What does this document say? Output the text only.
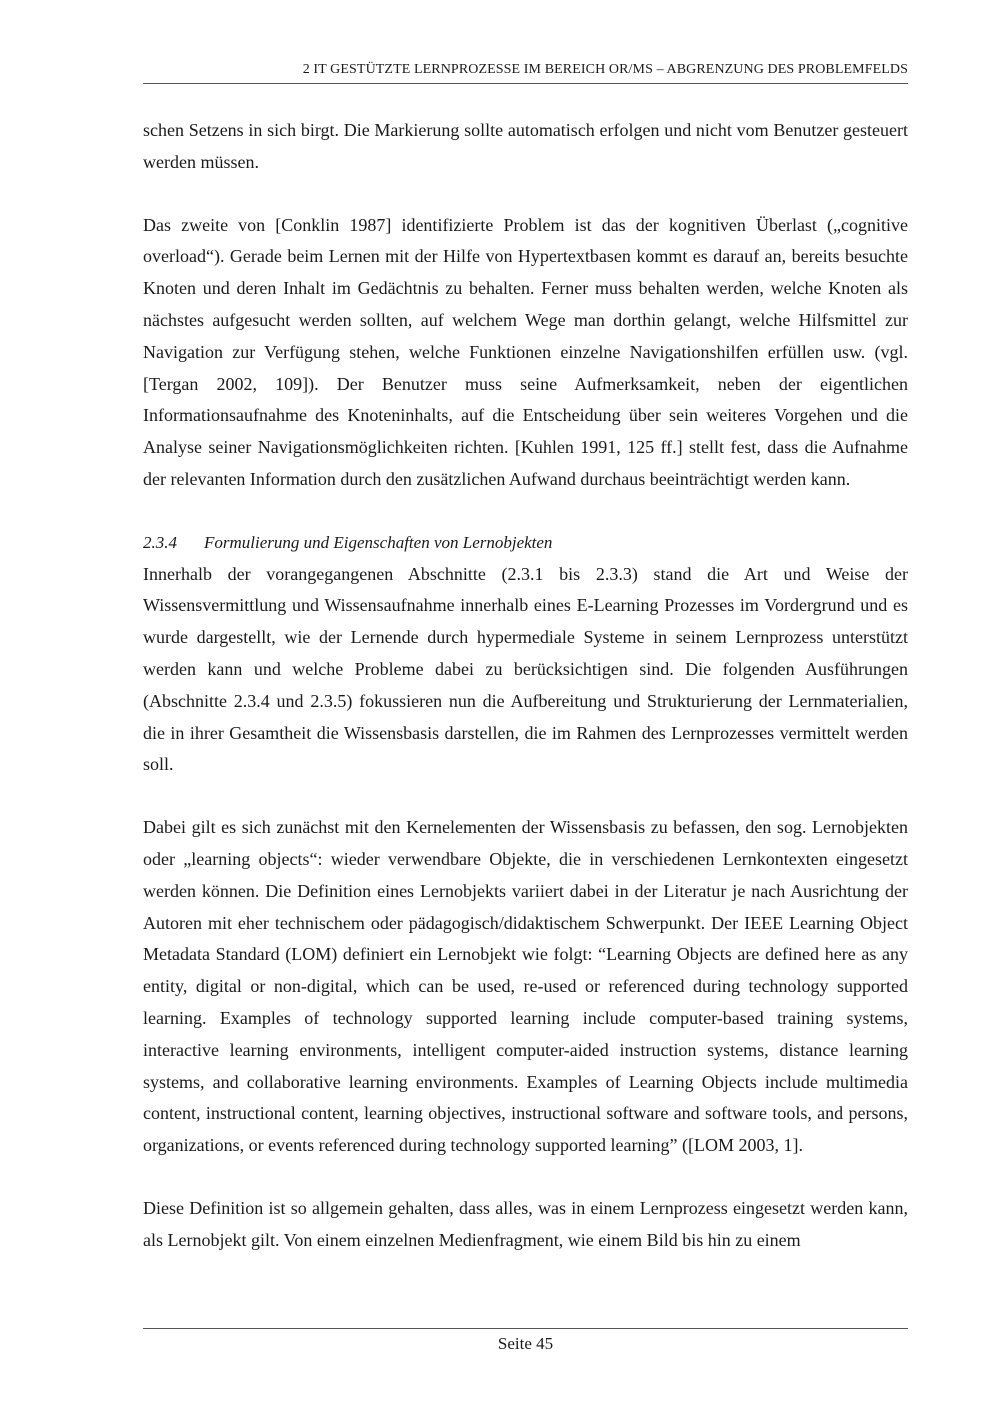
2 IT GESTÜTZTE LERNPROZESSE IM BEREICH OR/MS – ABGRENZUNG DES PROBLEMFELDS

schen Setzens in sich birgt. Die Markierung sollte automatisch erfolgen und nicht vom Benutzer gesteuert werden müssen.

Das zweite von [Conklin 1987] identifizierte Problem ist das der kognitiven Überlast („cognitive overload“). Gerade beim Lernen mit der Hilfe von Hypertextbasen kommt es darauf an, bereits besuchte Knoten und deren Inhalt im Gedächtnis zu behalten. Ferner muss behalten werden, welche Knoten als nächstes aufgesucht werden sollten, auf welchem Wege man dorthin gelangt, welche Hilfsmittel zur Navigation zur Verfügung stehen, welche Funktionen einzelne Navigationshilfen erfüllen usw. (vgl. [Tergan 2002, 109]). Der Benutzer muss seine Aufmerksamkeit, neben der eigentlichen Informationsaufnahme des Knoteninhalts, auf die Entscheidung über sein weiteres Vorgehen und die Analyse seiner Navigationsmöglichkeiten richten. [Kuhlen 1991, 125 ff.] stellt fest, dass die Aufnahme der relevanten Information durch den zusätzlichen Aufwand durchaus beeinträchtigt werden kann.

2.3.4 Formulierung und Eigenschaften von Lernobjekten

Innerhalb der vorangegangenen Abschnitte (2.3.1 bis 2.3.3) stand die Art und Weise der Wissensvermittlung und Wissensaufnahme innerhalb eines E-Learning Prozesses im Vordergrund und es wurde dargestellt, wie der Lernende durch hypermediale Systeme in seinem Lernprozess unterstützt werden kann und welche Probleme dabei zu berücksichtigen sind. Die folgenden Ausführungen (Abschnitte 2.3.4 und 2.3.5) fokussieren nun die Aufbereitung und Strukturierung der Lernmaterialien, die in ihrer Gesamtheit die Wissensbasis darstellen, die im Rahmen des Lernprozesses vermittelt werden soll.

Dabei gilt es sich zunächst mit den Kernelementen der Wissensbasis zu befassen, den sog. Lernobjekten oder „learning objects“: wieder verwendbare Objekte, die in verschiedenen Lernkontexten eingesetzt werden können. Die Definition eines Lernobjekts variiert dabei in der Literatur je nach Ausrichtung der Autoren mit eher technischem oder pädagogisch/didaktischem Schwerpunkt. Der IEEE Learning Object Metadata Standard (LOM) definiert ein Lernobjekt wie folgt: “Learning Objects are defined here as any entity, digital or non-digital, which can be used, re-used or referenced during technology supported learning. Examples of technology supported learning include computer-based training systems, interactive learning environments, intelligent computer-aided instruction systems, distance learning systems, and collaborative learning environments. Examples of Learning Objects include multimedia content, instructional content, learning objectives, instructional software and software tools, and persons, organizations, or events referenced during technology supported learning” ([LOM 2003, 1].

Diese Definition ist so allgemein gehalten, dass alles, was in einem Lernprozess eingesetzt werden kann, als Lernobjekt gilt. Von einem einzelnen Medienfragment, wie einem Bild bis hin zu einem

Seite 45
